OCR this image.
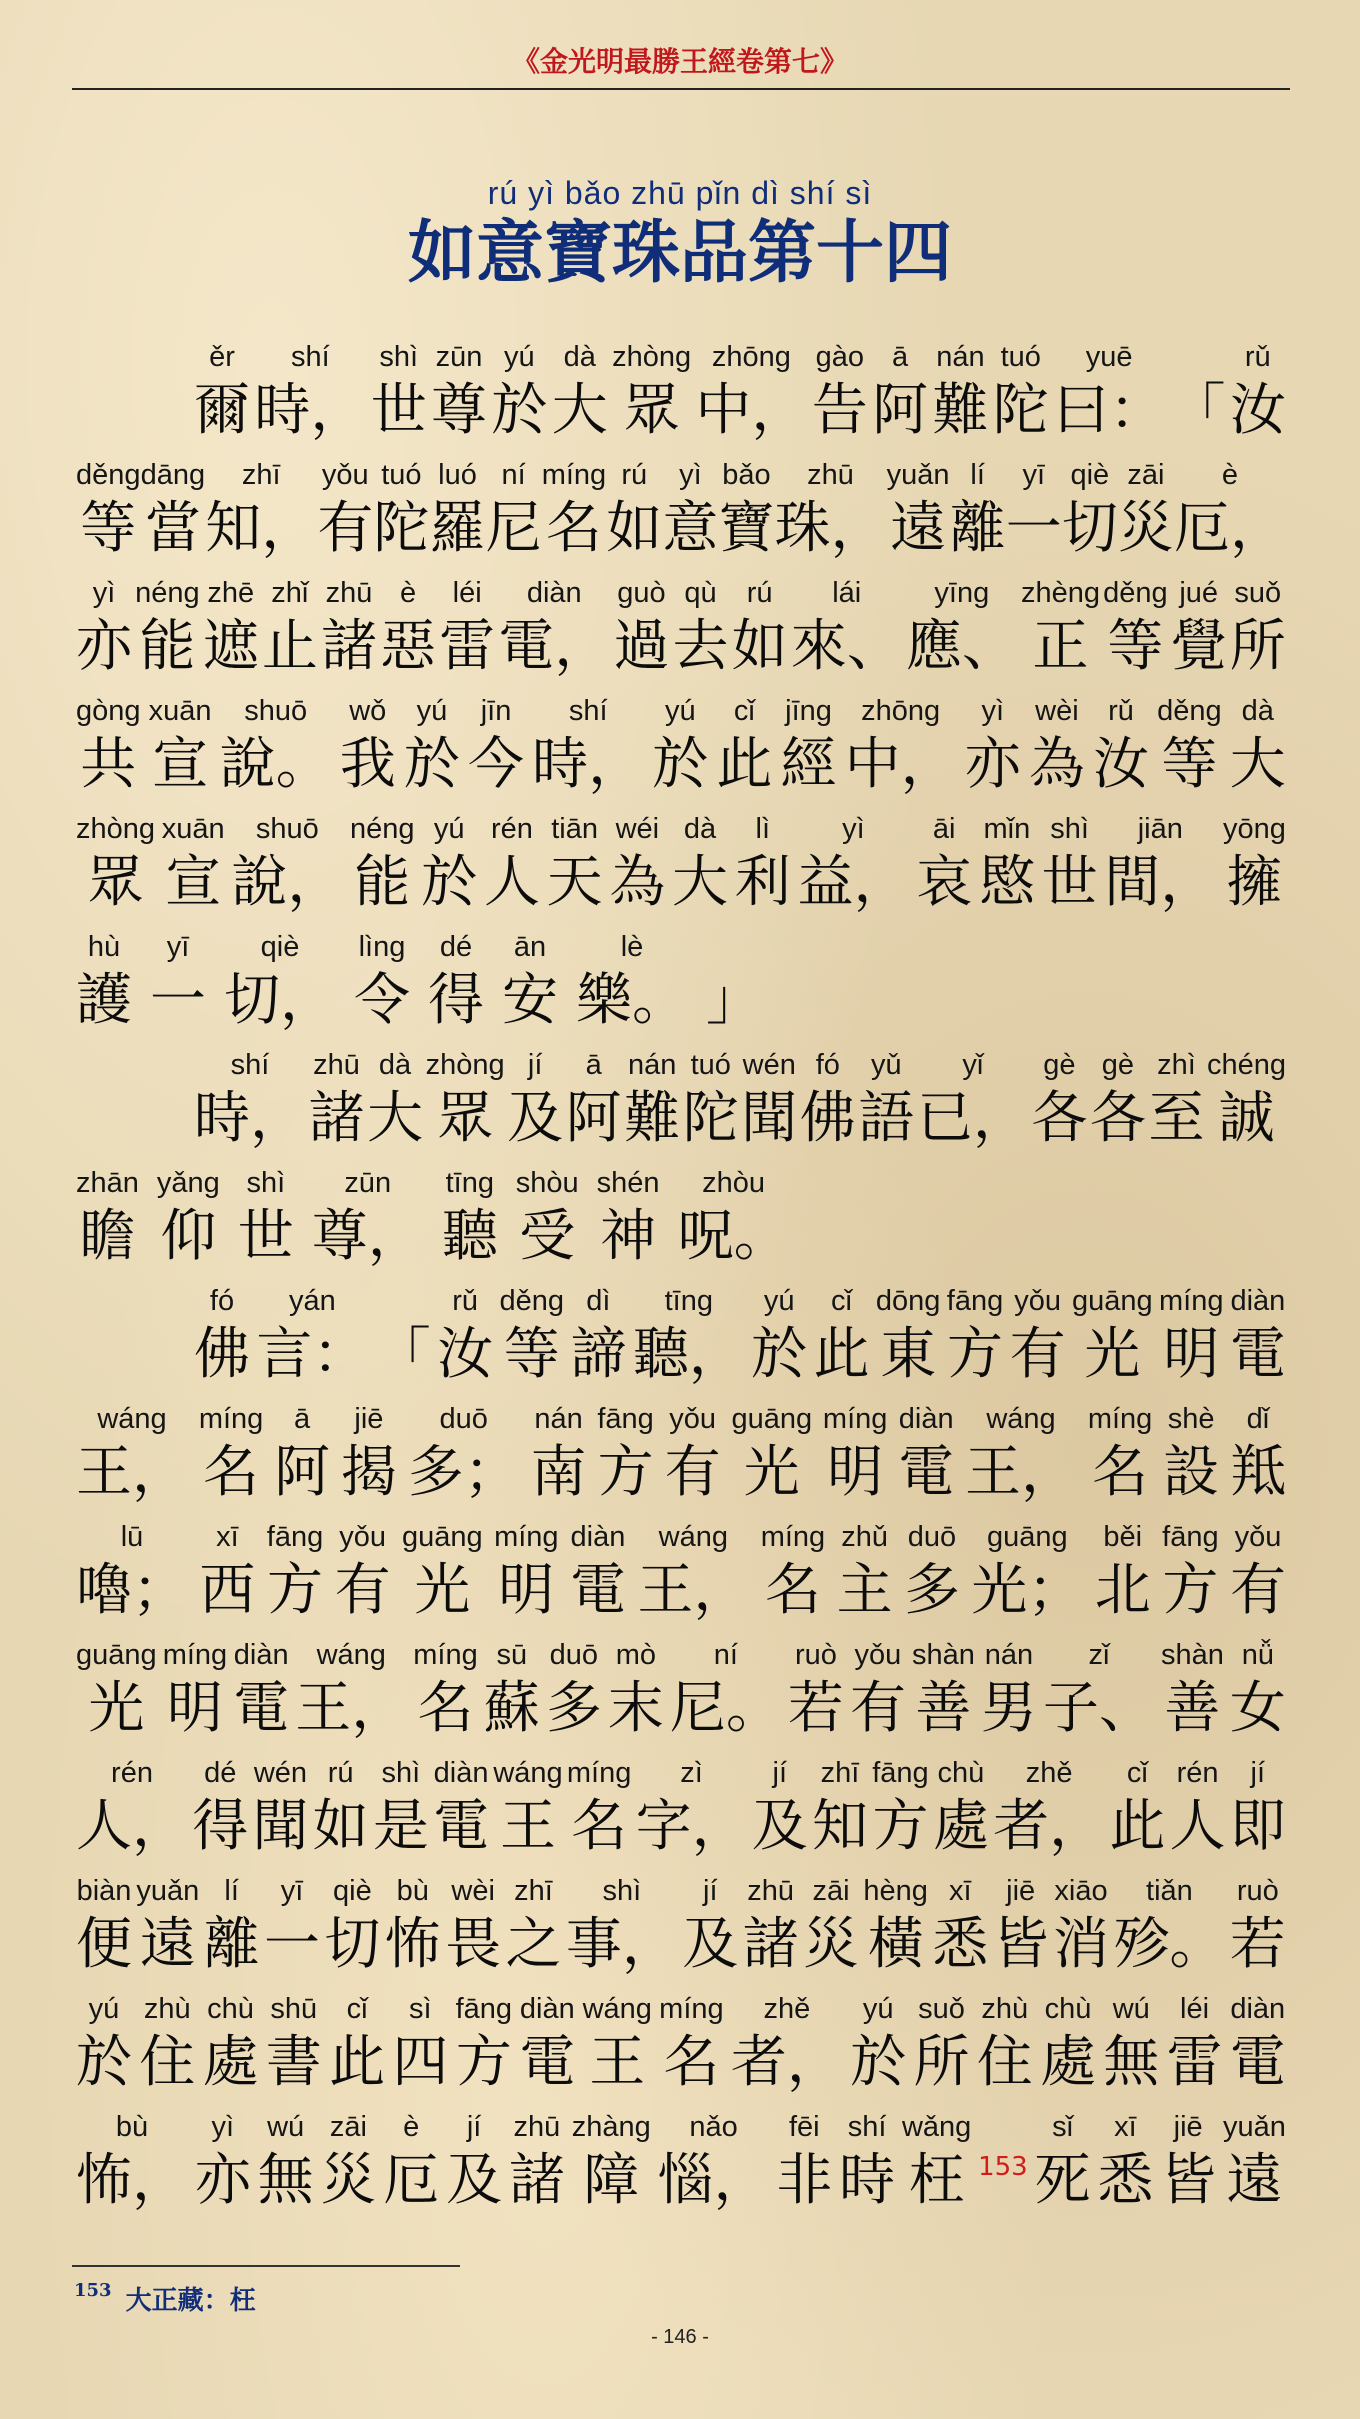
《金光明最勝王經卷第七》
rú yì bǎo zhū pǐn dì shí sì
如意寶珠品第十四
ěr
爾
shí
時，
shì
世
zūn
尊
yú
於
dà
大
zhòng
眾
zhōng
中，
gào
告
ā
阿
nán
難
tuó
陀
yuē
曰： 「
rǔ
汝
děng
等
dāng
當
zhī
知，
yǒu
有
tuó
陀
luó
羅
ní
尼
míng
名
rú
如
yì
意
bǎo
寶
zhū
珠，
yuǎn
遠
lí
離
yī
一
qiè
切
zāi
災
è
厄，
yì
亦
néng
能
zhē
遮
zhǐ
止
zhū
諸
è
惡
léi
雷
diàn
電，
guò
過
qù
去
rú
如
lái
來、
yīng
應、
zhèng
正
děng
等
jué
覺
suǒ
所
gòng
共
xuān
宣
shuō
說。
wǒ
我
yú
於
jīn
今
shí
時，
yú
於
cǐ
此
jīng
經
zhōng
中，
yì
亦
wèi
為
rǔ
汝
děng
等
dà
大
zhòng
眾
xuān
宣
shuō
說，
néng
能
yú
於
rén
人
tiān
天
wéi
為
dà
大
lì
利
yì
益，
āi
哀
mǐn
愍
shì
世
jiān
間，
yōng
擁
hù
護
yī
一
qiè
切，
lìng
令
dé
得
ān
安
lè
樂。 」
shí
時，
zhū
諸
dà
大
zhòng
眾
jí
及
ā
阿
nán
難
tuó
陀
wén
聞
fó
佛
yǔ
語
yǐ
已，
gè
各
gè
各
zhì
至
chéng
誠
zhān
瞻
yǎng
仰
shì
世
zūn
尊，
tīng
聽
shòu
受
shén
神
zhòu
呪。
fó
佛
yán
言： 「
rǔ
汝
děng
等
dì
諦
tīng
聽，
yú
於
cǐ
此
dōng
東
fāng
方
yǒu
有
guāng
光
míng
明
diàn
電
wáng
王，
míng
名
ā
阿
jiē
揭
duō
多；
nán
南
fāng
方
yǒu
有
guāng
光
míng
明
diàn
電
wáng
王，
míng
名
shè
設
dǐ
羝
lū
嚕；
xī
西
fāng
方
yǒu
有
guāng
光
míng
明
diàn
電
wáng
王，
míng
名
zhǔ
主
duō
多
guāng
光；
běi
北
fāng
方
yǒu
有
guāng
光
míng
明
diàn
電
wáng
王，
míng
名
sū
蘇
duō
多
mò
末
ní
尼。
ruò
若
yǒu
有
shàn
善
nán
男
zǐ
子、
shàn
善
nǚ
女
rén
人，
dé
得
wén
聞
rú
如
shì
是
diàn
電
wáng
王
míng
名
zì
字，
jí
及
zhī
知
fāng
方
chù
處
zhě
者，
cǐ
此
rén
人
jí
即
biàn
便
yuǎn
遠
lí
離
yī
一
qiè
切
bù
怖
wèi
畏
zhī
之
shì
事，
jí
及
zhū
諸
zāi
災
hèng
橫
xī
悉
jiē
皆
xiāo
消
tiǎn
殄。
ruò
若
yú
於
zhù
住
chù
處
shū
書
cǐ
此
sì
四
fāng
方
diàn
電
wáng
王
míng
名
zhě
者，
yú
於
suǒ
所
zhù
住
chù
處
wú
無
léi
雷
diàn
電
bù
怖，
yì
亦
wú
無
zāi
災
è
厄
jí
及
zhū
諸
zhàng
障
nǎo
惱，
fēi
非
shí
時
wǎng
枉 153
sǐ
死
xī
悉
jiē
皆
yuǎn
遠
$^{153}$ 大正藏：枉
- 146 -
